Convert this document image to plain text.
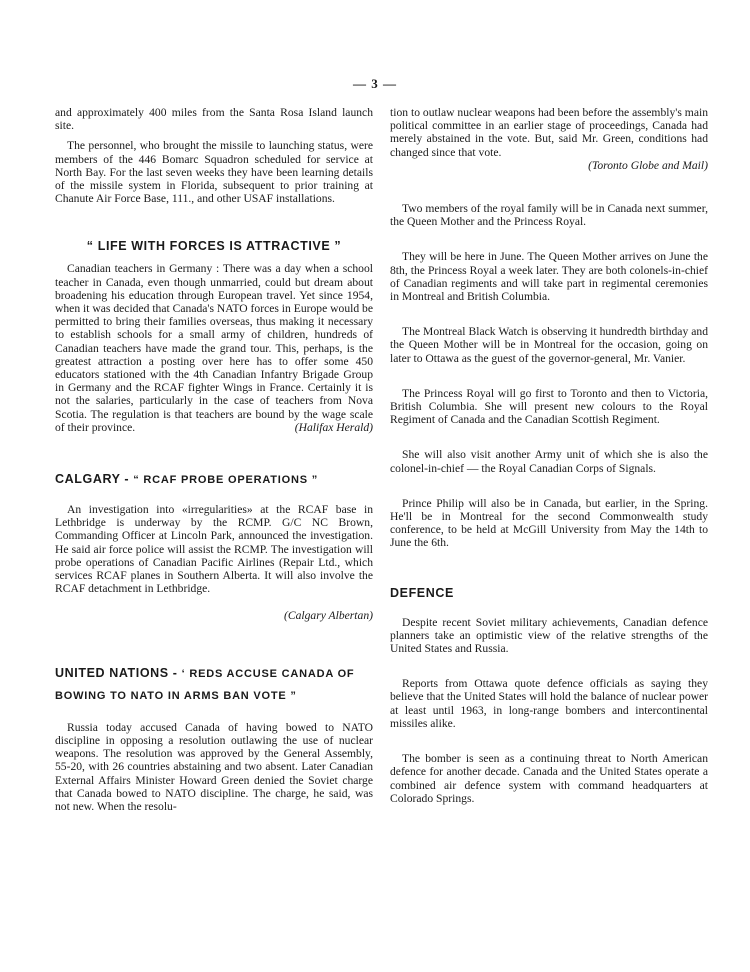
— 3 —

and approximately 400 miles from the Santa Rosa Island launch site.

The personnel, who brought the missile to launching status, were members of the 446 Bomarc Squadron scheduled for service at North Bay. For the last seven weeks they have been learning details of the missile system in Florida, subsequent to prior training at Chanute Air Force Base, 111., and other USAF installations.

“ LIFE WITH FORCES IS ATTRACTIVE ”

Canadian teachers in Germany : There was a day when a school teacher in Canada, even though unmarried, could but dream about broadening his education through European travel. Yet since 1954, when it was decided that Canada's NATO forces in Europe would be permitted to bring their families overseas, thus making it necessary to establish schools for a small army of children, hundreds of Canadian teachers have made the grand tour. This, perhaps, is the greatest attraction a posting over here has to offer some 450 educators stationed with the 4th Canadian Infantry Brigade Group in Germany and the RCAF fighter Wings in France. Certainly it is not the salaries, particularly in the case of teachers from Nova Scotia. The regulation is that teachers are bound by the wage scale of their province.	(Halifax Herald)

CALGARY - “ RCAF PROBE OPERATIONS ”

An investigation into «irregularities» at the RCAF base in Lethbridge is underway by the RCMP. G/C NC Brown, Commanding Officer at Lincoln Park, announced the investigation. He said air force police will assist the RCMP. The investigation will probe operations of Canadian Pacific Airlines (Repair Ltd., which services RCAF planes in Southern Alberta. It will also involve the RCAF detachment in Lethbridge.

(Calgary Albertan)
UNITED NATIONS - ‘ REDS ACCUSE CANADA OF BOWING TO NATO IN ARMS BAN VOTE ”

Russia today accused Canada of having bowed to NATO discipline in opposing a resolution outlawing the use of nuclear weapons. The resolution was approved by the General Assembly, 55-20, with 26 countries abstaining and two absent. Later Canadian External Affairs Minister Howard Green denied the Soviet charge that Canada bowed to NATO discipline. The charge, he said, was not new. When the resolu-

tion to outlaw nuclear weapons had been before the assembly's main political committee in an earlier stage of proceedings, Canada had merely abstained in the vote. But, said Mr. Green, conditions had changed since that vote.

(Toronto Globe and Mail)

Two members of the royal family will be in Canada next summer, the Queen Mother and the Princess Royal.

They will be here in June. The Queen Mother arrives on June the 8th, the Princess Royal a week later. They are both colonels-in-chief of Canadian regiments and will take part in regimental ceremonies in Montreal and British Columbia.

The Montreal Black Watch is observing it hundredth birthday and the Queen Mother will be in Montreal for the occasion, going on later to Ottawa as the guest of the governor-general, Mr. Vanier.

The Princess Royal will go first to Toronto and then to Victoria, British Columbia. She will present new colours to the Royal Regiment of Canada and the Canadian Scottish Regiment.

She will also visit another Army unit of which she is also the colonel-in-chief — the Royal Canadian Corps of Signals.

Prince Philip will also be in Canada, but earlier, in the Spring. He'll be in Montreal for the second Commonwealth study conference, to be held at McGill University from May the 14th to June the 6th.

DEFENCE

Despite recent Soviet military achievements, Canadian defence planners take an optimistic view of the relative strengths of the United States and Russia.

Reports from Ottawa quote defence officials as saying they believe that the United States will hold the balance of nuclear power at least until 1963, in long-range bombers and intercontinental missiles alike.

The bomber is seen as a continuing threat to North American defence for another decade. Canada and the United States operate a combined air defence system with command headquarters at Colorado Springs.
